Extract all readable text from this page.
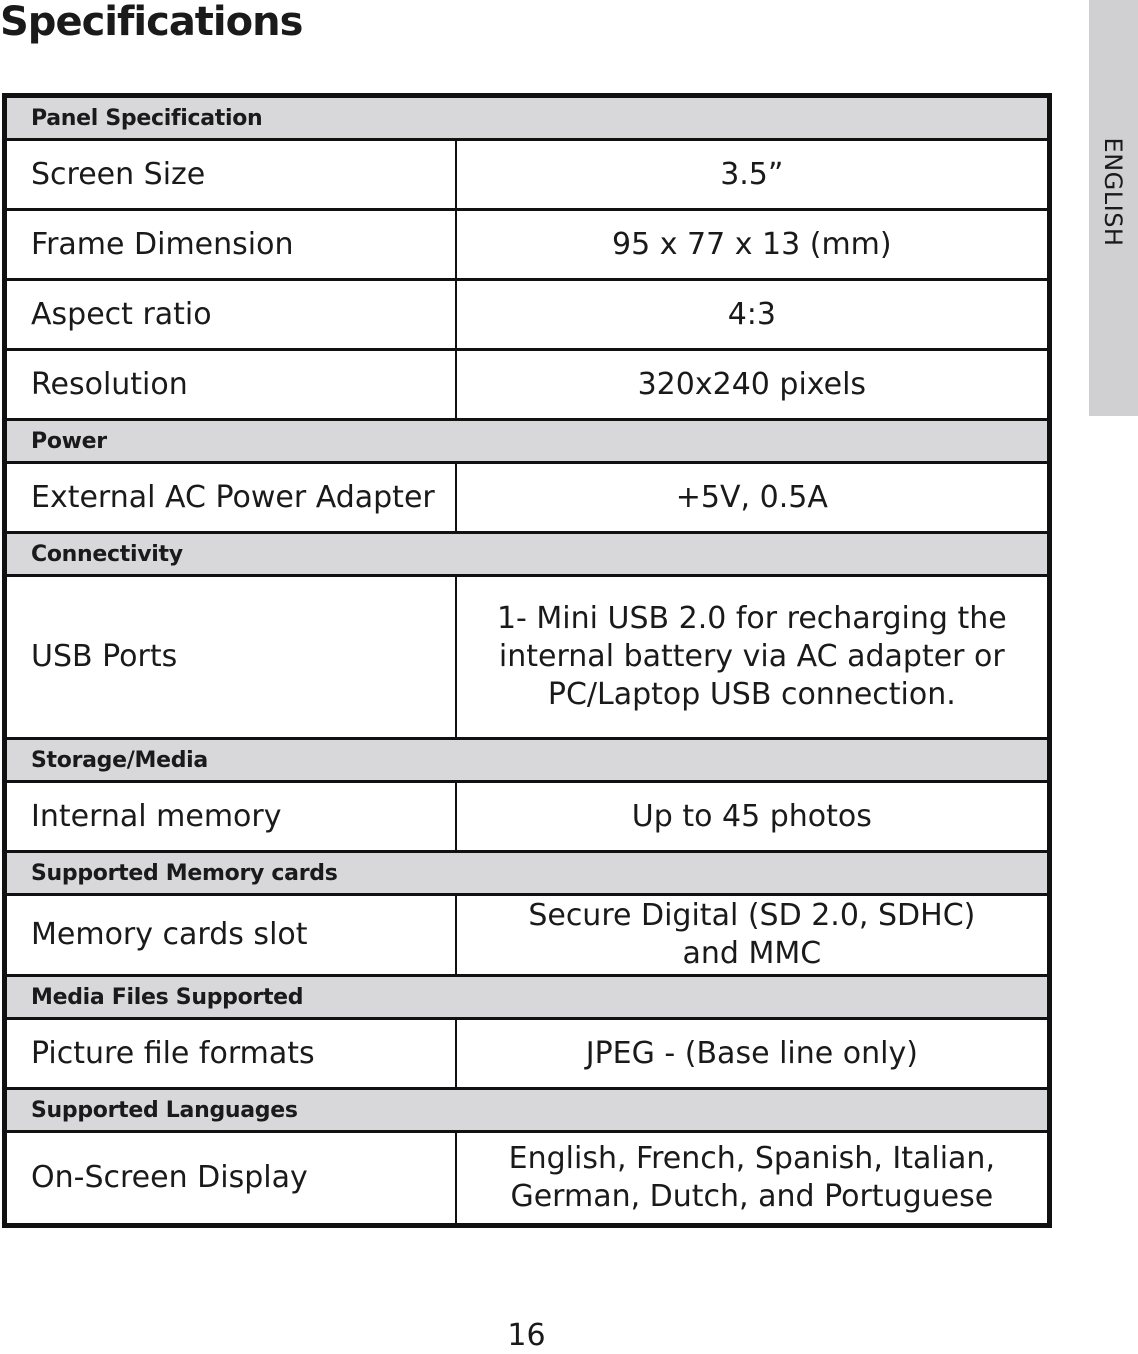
Specifications
ENGLISH
Panel Specification	
Screen Size	3.5”
Frame Dimension	95 x 77 x 13 (mm)
Aspect ratio	4:3
Resolution	320x240 pixels
Power	
External AC Power Adapter	+5V, 0.5A
Connectivity	
USB Ports	1- Mini USB 2.0 for recharging the internal battery via AC adapter or PC/Laptop USB connection.
Storage/Media	
Internal memory	Up to 45 photos
Supported Memory cards	
Memory cards slot	Secure Digital (SD 2.0, SDHC) and MMC
Media Files Supported	
Picture file formats	JPEG - (Base line only)
Supported Languages	
On-Screen Display	English, French, Spanish, Italian, German, Dutch, and Portuguese
16
